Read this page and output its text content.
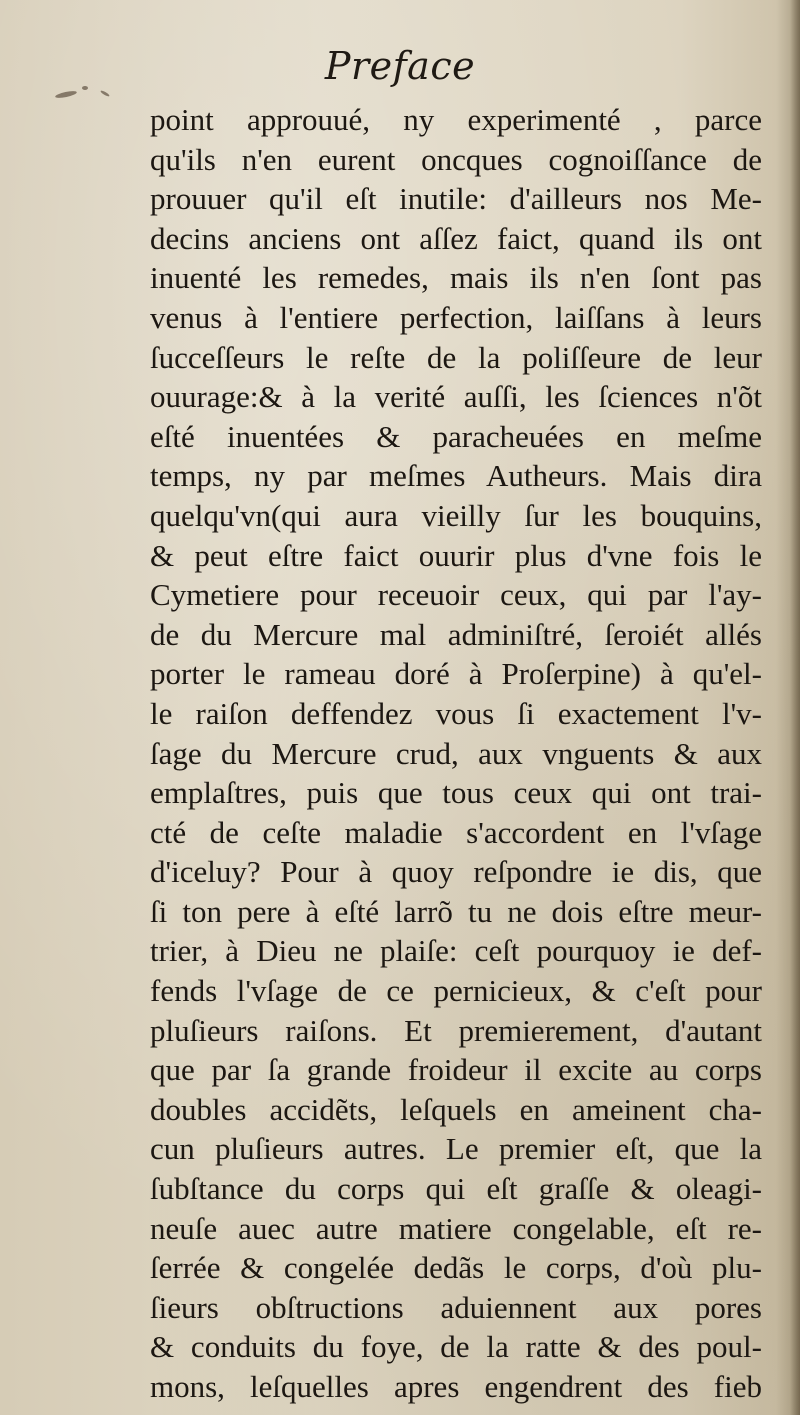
Preface
point approuué, ny experimenté , parce
qu'ils n'en eurent oncques cognoiſſance de
prouuer qu'il eſt inutile: d'ailleurs nos Me-
decins anciens ont aſſez faict, quand ils ont
inuenté les remedes, mais ils n'en ſont pas
venus à l'entiere perfection, laiſſans à leurs
ſucceſſeurs le reſte de la poliſſeure de leur
ouurage:& à la verité auſſi, les ſciences n'õt
eſté inuentées & paracheuées en meſme
temps, ny par meſmes Autheurs. Mais dira
quelqu'vn(qui aura vieilly ſur les bouquins,
& peut eſtre faict ouurir plus d'vne fois le
Cymetiere pour receuoir ceux, qui par l'ay-
de du Mercure mal adminiſtré, ſeroiét allés
porter le rameau doré à Proſerpine) à qu'el-
le raiſon deffendez vous ſi exactement l'v-
ſage du Mercure crud, aux vnguents & aux
emplaſtres, puis que tous ceux qui ont trai-
cté de ceſte maladie s'accordent en l'vſage
d'iceluy? Pour à quoy reſpondre ie dis, que
ſi ton pere à eſté larrõ tu ne dois eſtre meur-
trier, à Dieu ne plaiſe: ceſt pourquoy ie def-
fends l'vſage de ce pernicieux, & c'eſt pour
pluſieurs raiſons. Et premierement, d'autant
que par ſa grande froideur il excite au corps
doubles accidẽts, leſquels en ameinent cha-
cun pluſieurs autres. Le premier eſt, que la
ſubſtance du corps qui eſt graſſe & oleagi-
neuſe auec autre matiere congelable, eſt re-
ſerrée & congelée dedãs le corps, d'où plu-
ſieurs obſtructions aduiennent aux pores
& conduits du foye, de la ratte & des poul-
mons, leſquelles apres engendrent des fieb
